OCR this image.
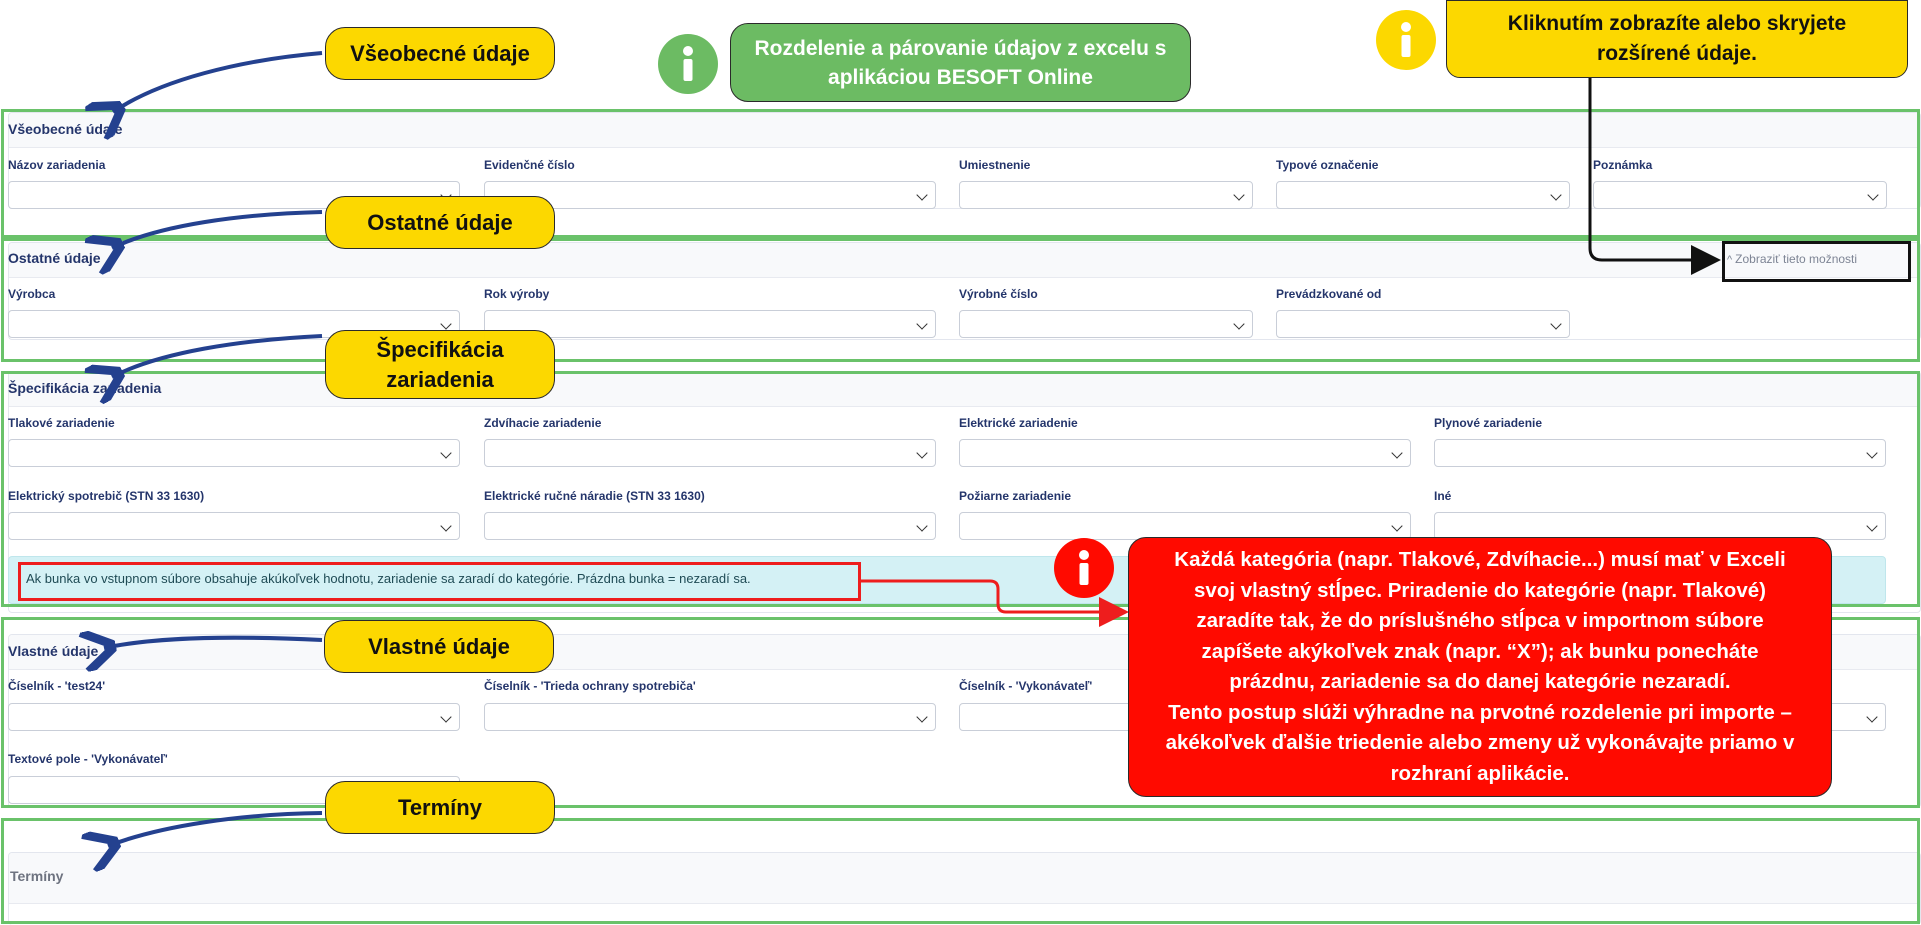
Všeobecné údaje
Názov zariadenia	Evidenčné číslo	Umiestnenie	Typové označenie	Poznámka
Ostatné údaje
Výrobca	Rok výroby	Výrobné číslo	Prevádzkované od
^ Zobraziť tieto možnosti
Špecifikácia zariadenia
Tlakové zariadenie	Zdvíhacie zariadenie	Elektrické zariadenie	Plynové zariadenie
Elektrický spotrebič (STN 33 1630)	Elektrické ručné náradie (STN 33 1630)	Požiarne zariadenie	Iné
Ak bunka vo vstupnom súbore obsahuje akúkoľvek hodnotu, zariadenie sa zaradí do kategórie. Prázdna bunka = nezaradí sa.
Vlastné údaje
Číselník - 'test24'	Číselník - 'Trieda ochrany spotrebiča'	Číselník - 'Vykonávateľ'
Textové pole - 'Vykonávateľ'
Termíny
Všeobecné údaje
Ostatné údaje
Špecifikácia
zariadenia
Vlastné údaje
Termíny
Rozdelenie a párovanie údajov z excelu s
aplikáciou BESOFT Online
Kliknutím zobrazíte alebo skryjete
rozšírené údaje.
Každá kategória (napr. Tlakové, Zdvíhacie...) musí mať v Exceli
svoj vlastný stĺpec. Priradenie do kategórie (napr. Tlakové)
zaradíte tak, že do príslušného stĺpca v importnom súbore
zapíšete akýkoľvek znak (napr. “X”); ak bunku ponecháte
prázdnu, zariadenie sa do danej kategórie nezaradí.
Tento postup slúži výhradne na prvotné rozdelenie pri importe –
akékoľvek ďalšie triedenie alebo zmeny už vykonávajte priamo v
rozhraní aplikácie.
